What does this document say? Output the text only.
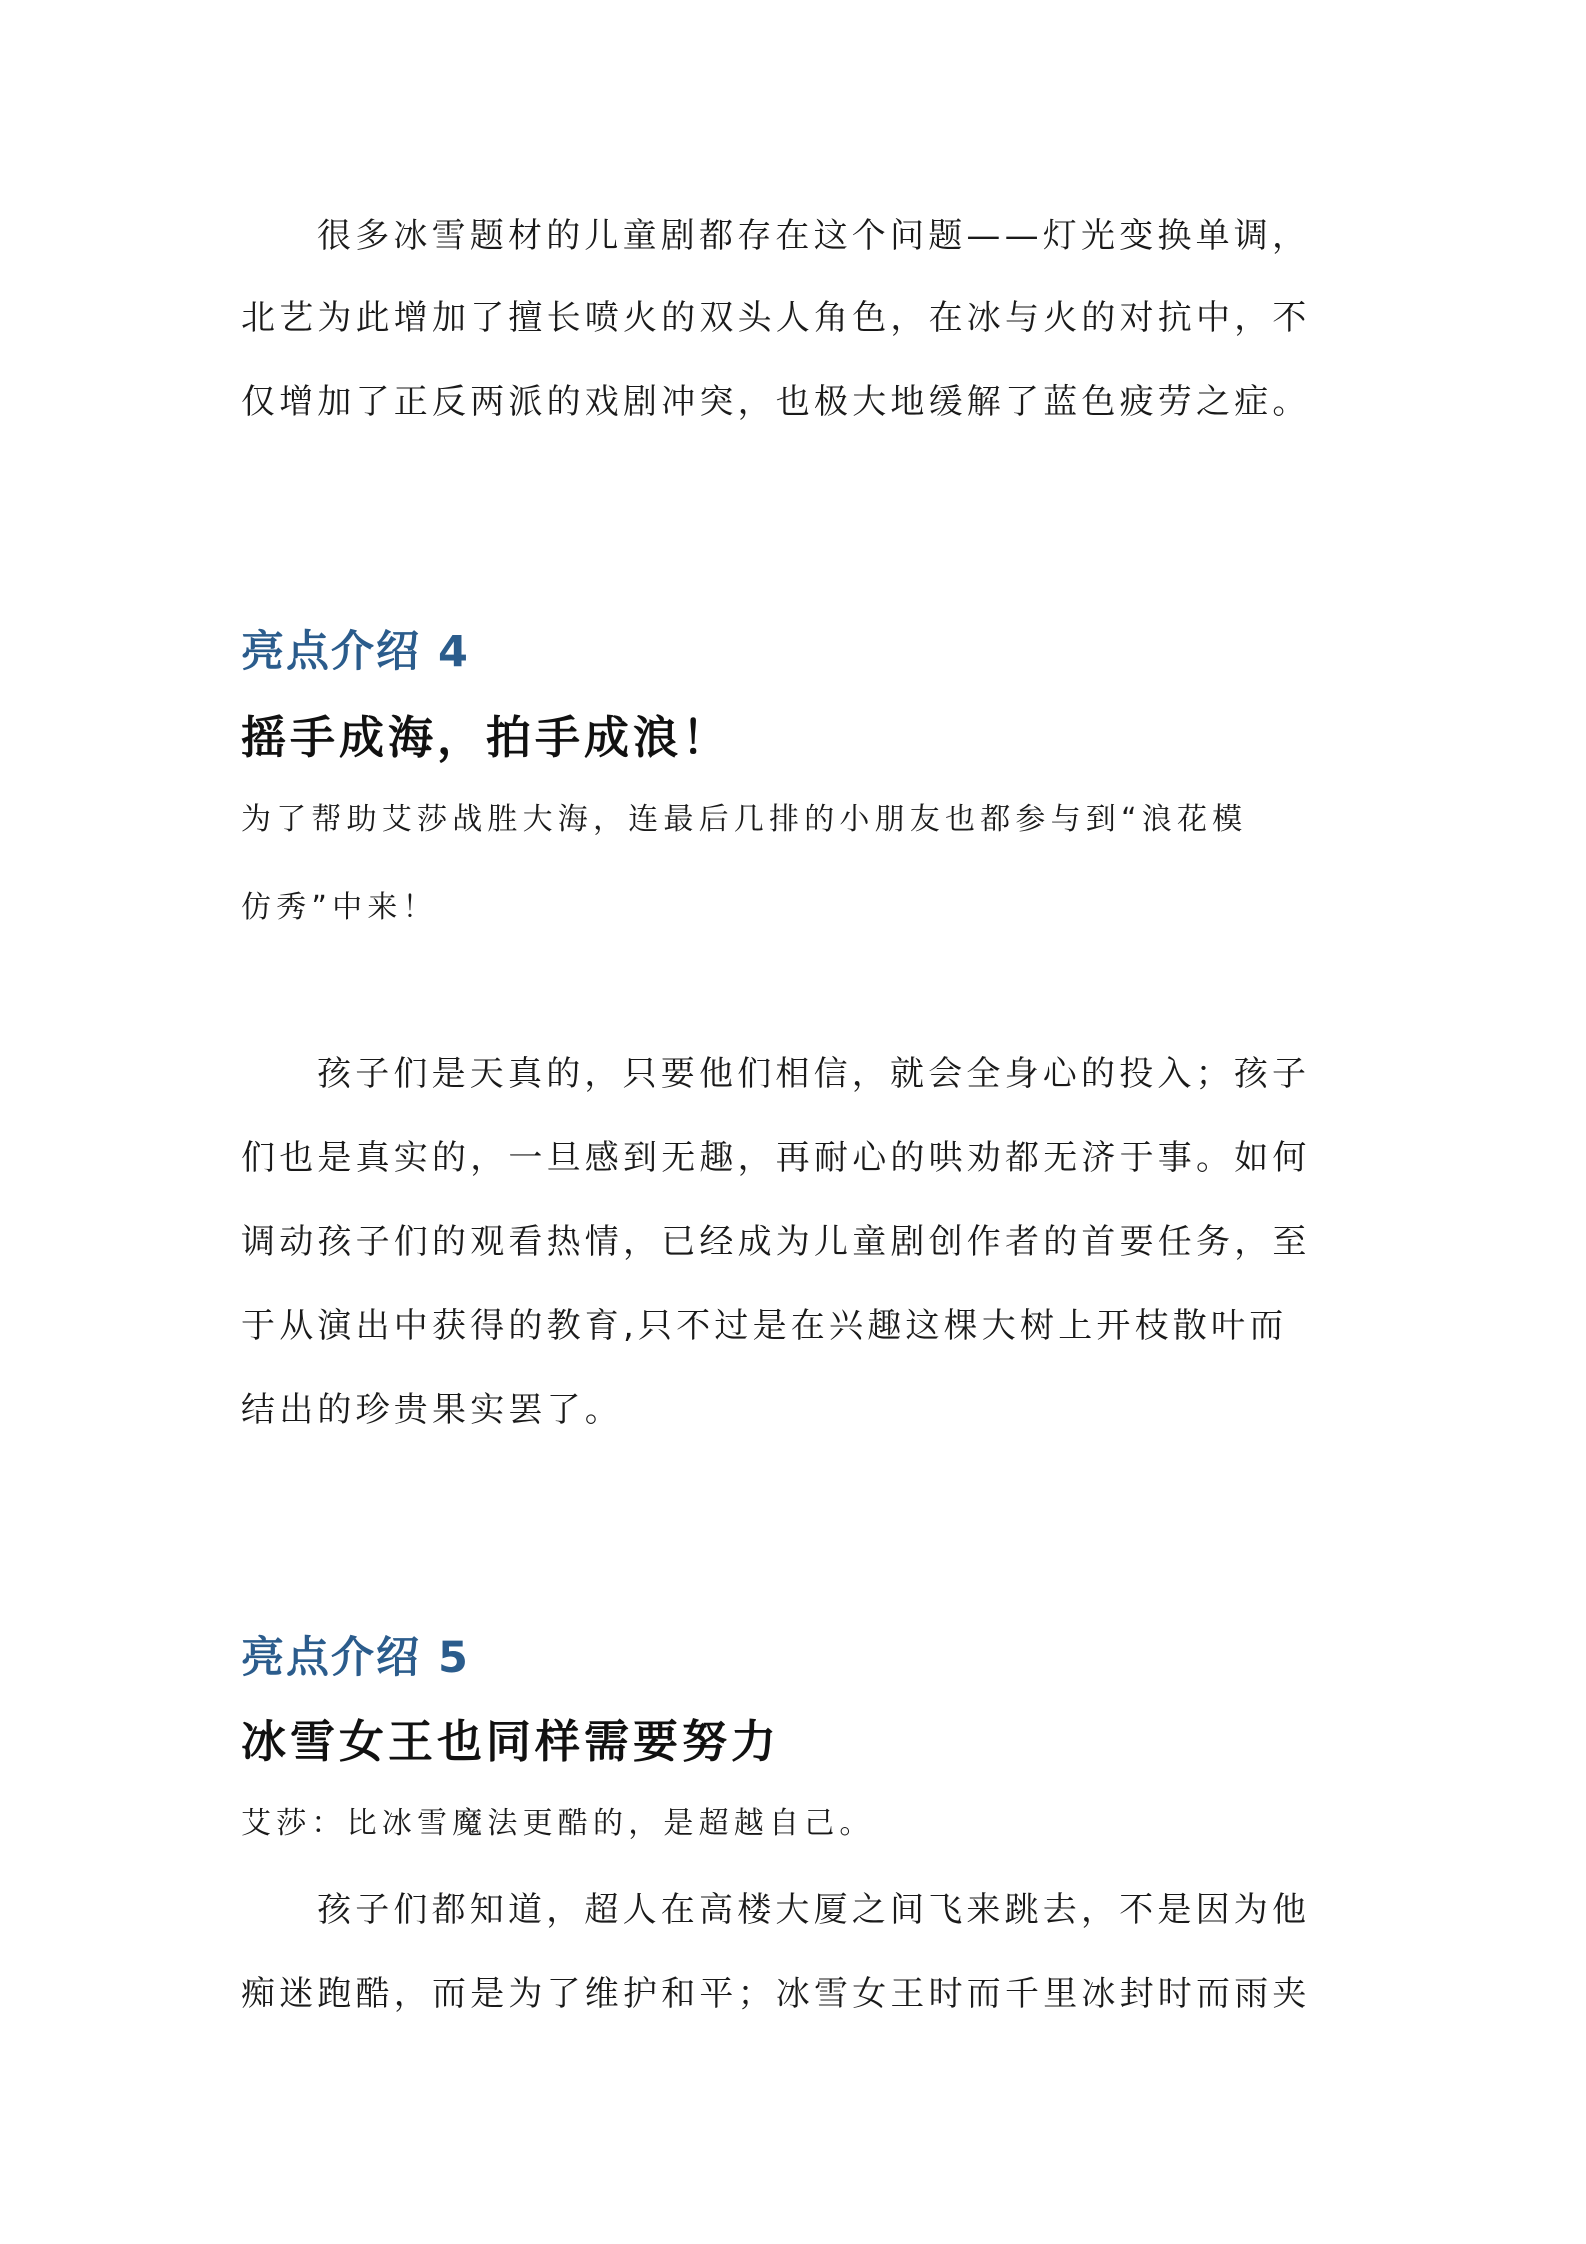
很多冰雪题材的儿童剧都存在这个问题——灯光变换单调，
北艺为此增加了擅长喷火的双头人角色，在冰与火的对抗中，不
仅增加了正反两派的戏剧冲突，也极大地缓解了蓝色疲劳之症。
亮点介绍 4
摇手成海，拍手成浪！
为了帮助艾莎战胜大海，连最后几排的小朋友也都参与到“浪花模
仿秀”中来！
孩子们是天真的，只要他们相信，就会全身心的投入；孩子
们也是真实的，一旦感到无趣，再耐心的哄劝都无济于事。如何
调动孩子们的观看热情，已经成为儿童剧创作者的首要任务，至
于从演出中获得的教育,只不过是在兴趣这棵大树上开枝散叶而
结出的珍贵果实罢了。
亮点介绍 5
冰雪女王也同样需要努力
艾莎：比冰雪魔法更酷的，是超越自己。
孩子们都知道，超人在高楼大厦之间飞来跳去，不是因为他
痴迷跑酷，而是为了维护和平；冰雪女王时而千里冰封时而雨夹
